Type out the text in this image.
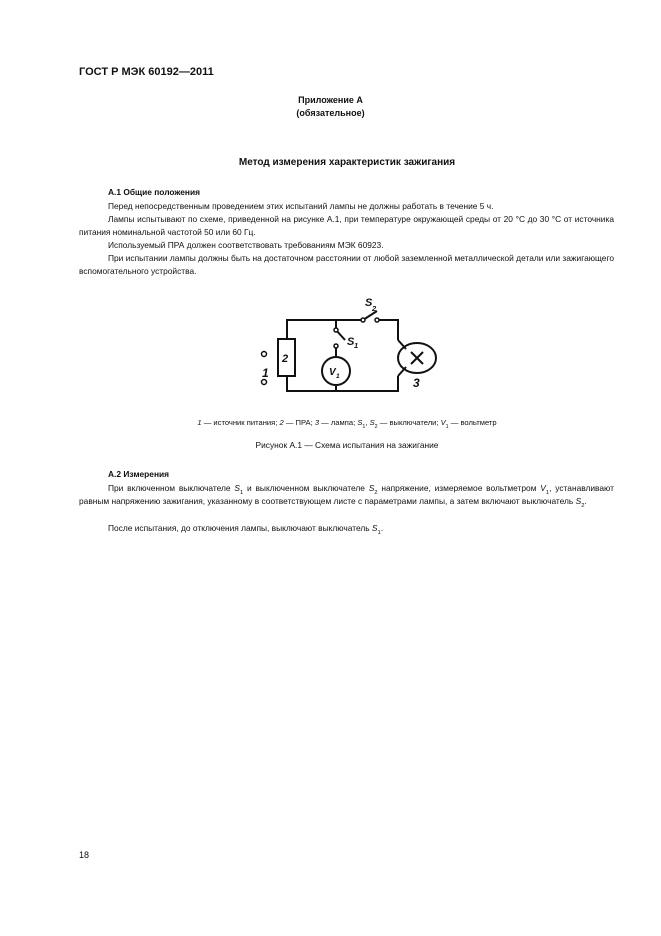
ГОСТ Р МЭК 60192—2011
Приложение А
(обязательное)
Метод измерения характеристик зажигания
А.1 Общие положения
Перед непосредственным проведением этих испытаний лампы не должны работать в течение 5 ч.
Лампы испытывают по схеме, приведенной на рисунке А.1, при температуре окружающей среды от 20 °С до 30 °С от источника питания номинальной частотой 50 или 60 Гц.
Используемый ПРА должен соответствовать требованиям МЭК 60923.
При испытании лампы должны быть на достаточном расстоянии от любой заземленной металлической детали или зажигающего вспомогательного устройства.
1
2
3
S 2
S 1
V 1
1 — источник питания; 2 — ПРА; 3 — лампа; $S_1$, $S_2$ — выключатели; $V_1$ — вольтметр
Рисунок А.1 — Схема испытания на зажигание
А.2 Измерения
При включенном выключателе $S_1$ и выключенном выключателе $S_2$ напряжение, измеряемое вольтметром $V_1$, устанавливают равным напряжению зажигания, указанному в соответствующем листе с параметрами лампы, а затем включают выключатель $S_2$.
После испытания, до отключения лампы, выключают выключатель $S_1$.
18
